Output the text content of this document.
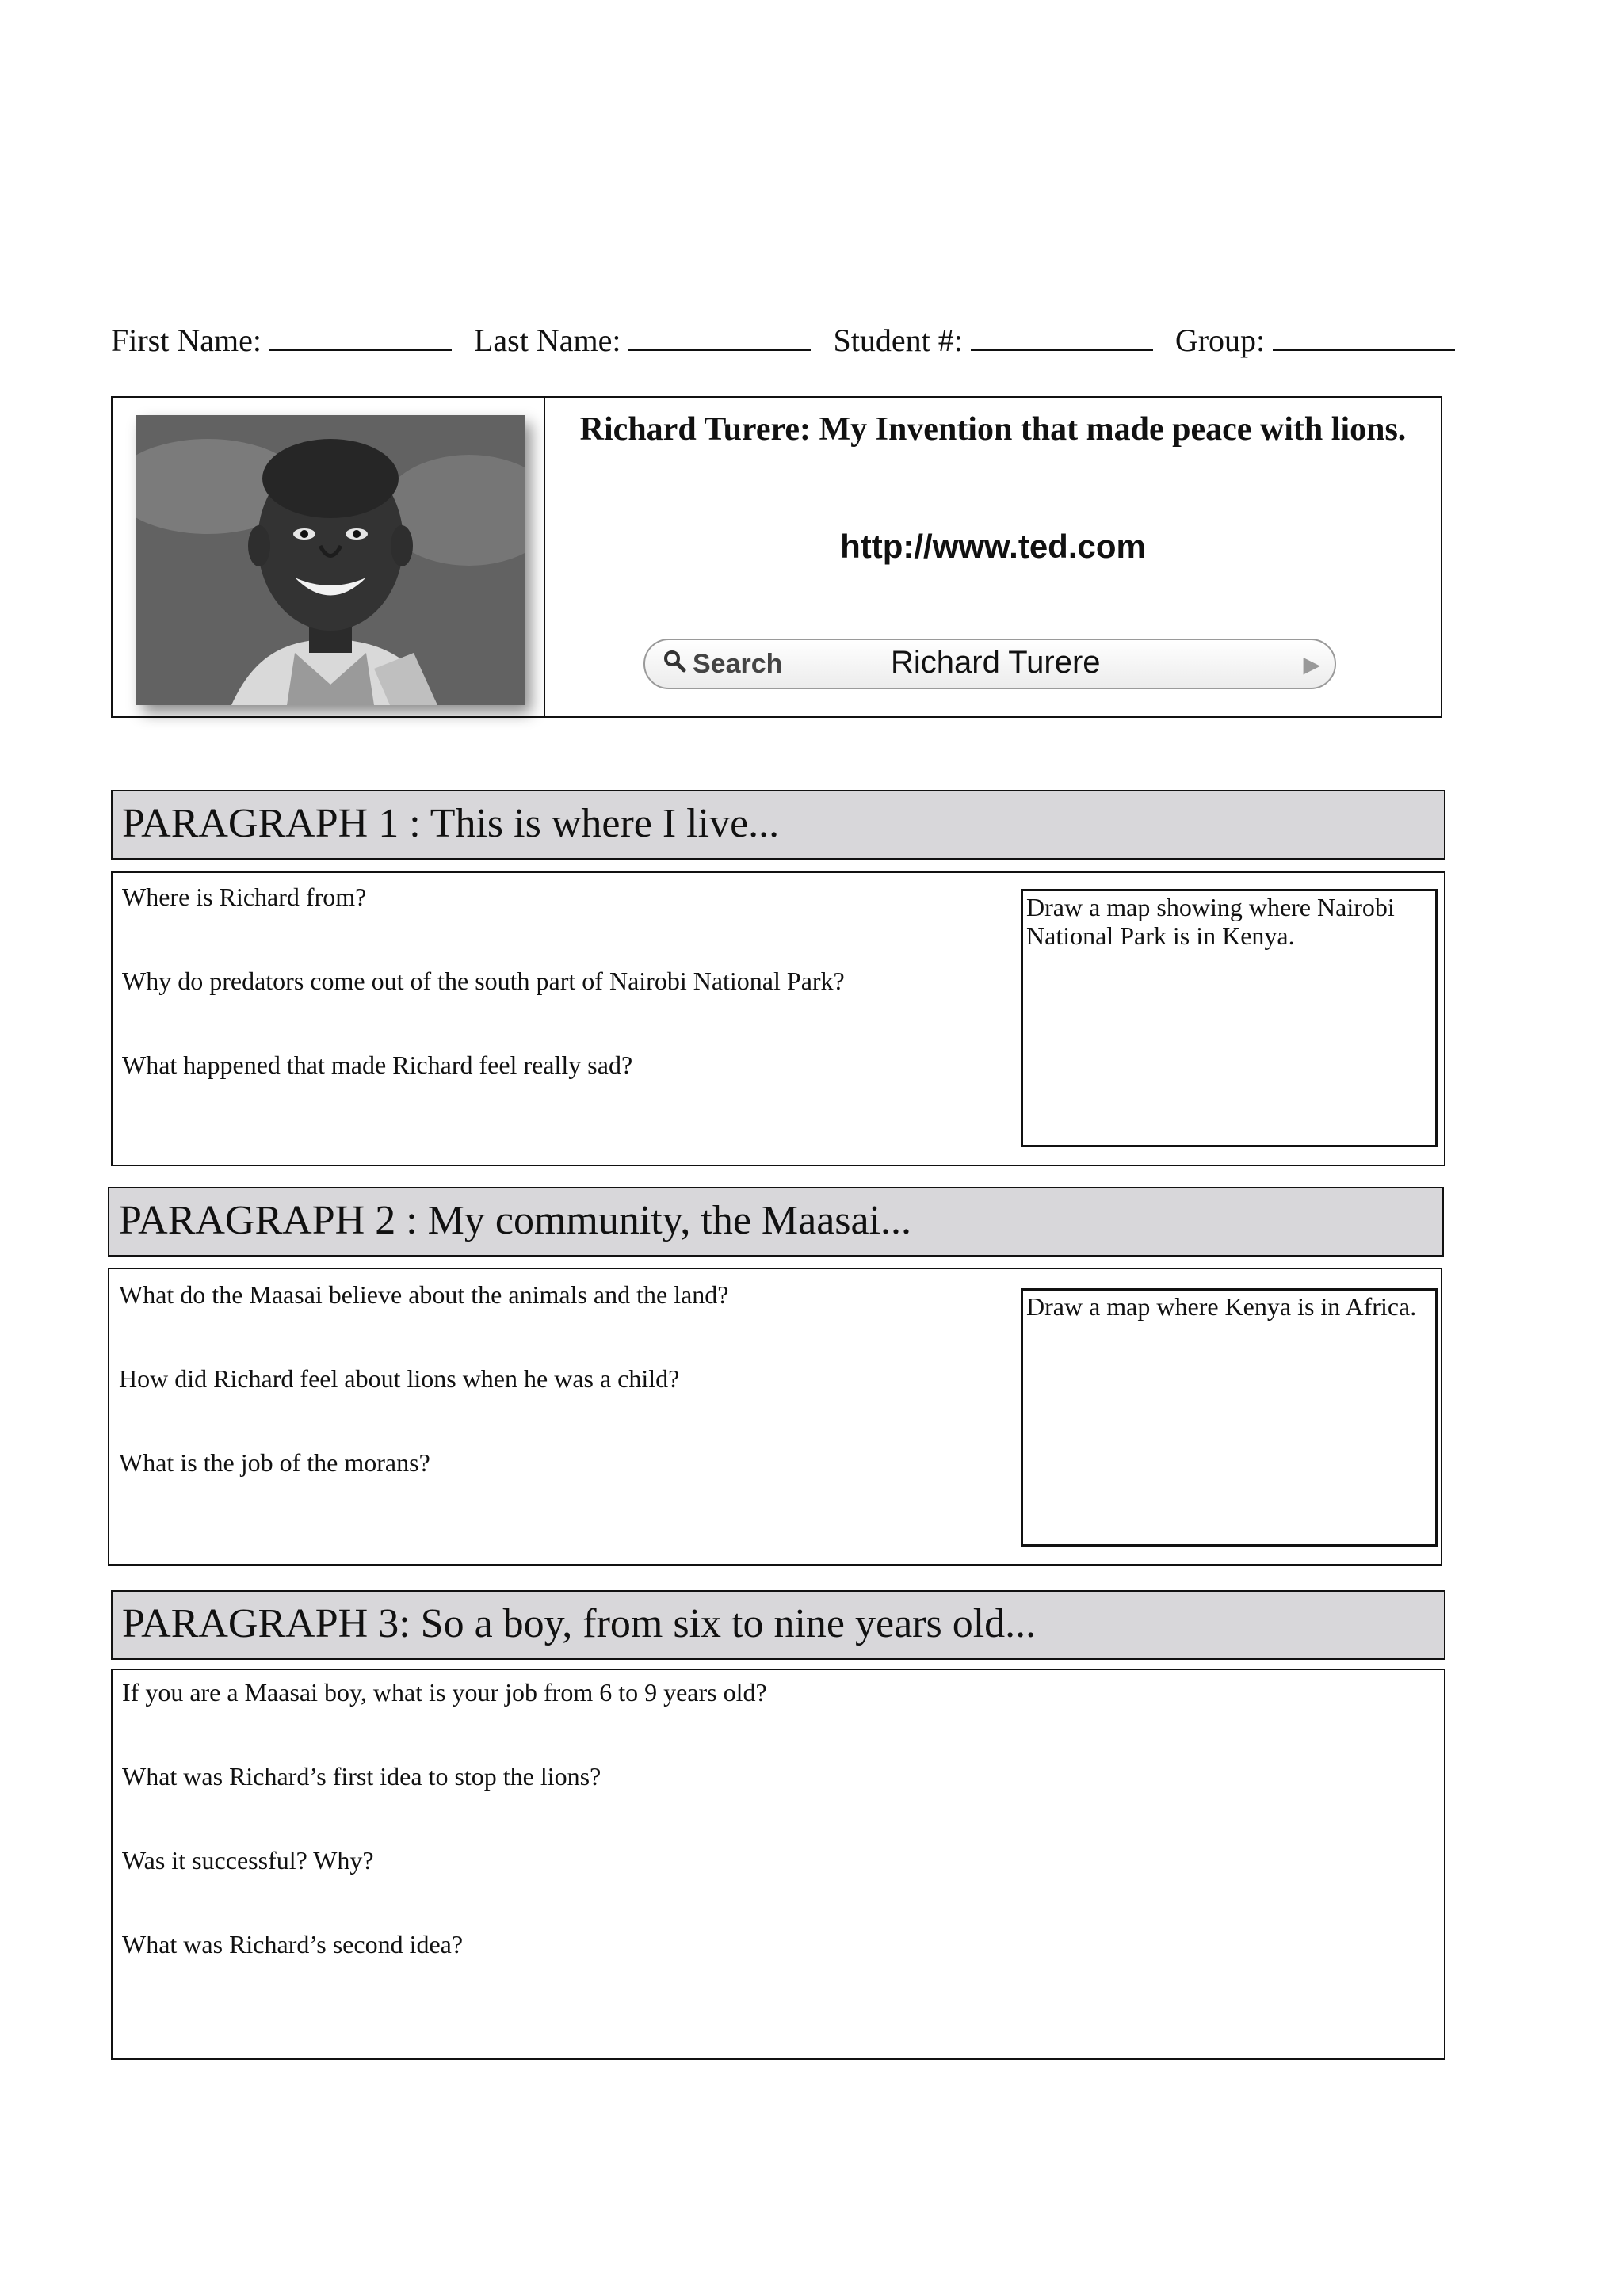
First Name:	Last Name:	Student #:	Group:
Richard Turere: My Invention that made peace with lions.
http://www.ted.com
Search	Richard Turere	▶
PARAGRAPH 1 : This is where I live...
Where is Richard from?
Why do predators come out of the south part of Nairobi National Park?
What happened that made Richard feel really sad?
Draw a map showing where Nairobi National Park is in Kenya.
PARAGRAPH 2 : My community, the Maasai...
What do the Maasai believe about the animals and the land?
How did Richard feel about lions when he was a child?
What is the job of the morans?
Draw a map where Kenya is in Africa.
PARAGRAPH 3: So a boy, from six to nine years old...
If you are a Maasai boy, what is your job from 6 to 9 years old?
What was Richard’s first idea to stop the lions?
Was it successful? Why?
What was Richard’s second idea?
